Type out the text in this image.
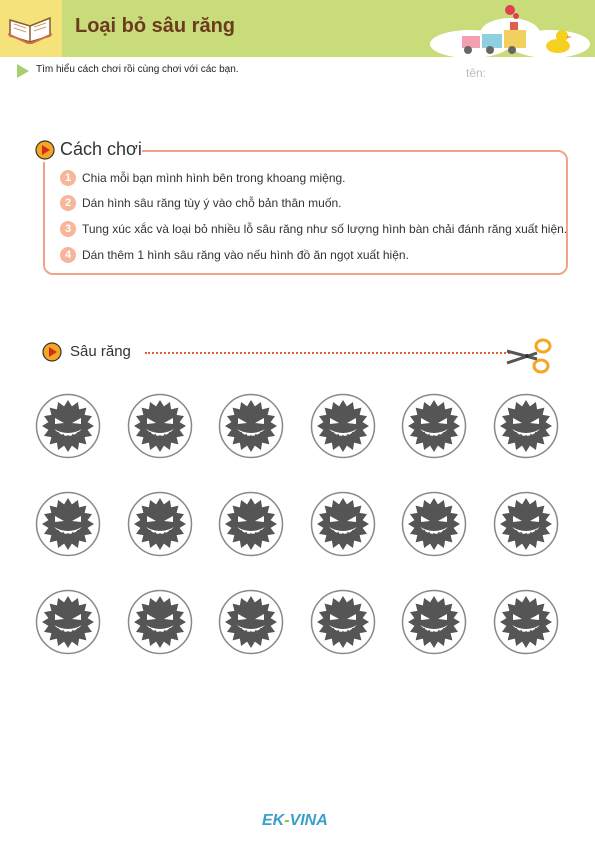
Loại bỏ sâu răng
Tìm hiểu cách chơi rồi cùng chơi với các bạn.	tên:
Cách chơi
1 Chia mỗi bạn mình hình bên trong khoang miệng.
2 Dán hình sâu răng tùy ý vào chỗ bản thân muốn.
3 Tung xúc xắc và loại bỏ nhiều lỗ sâu răng như số lượng hình bàn chải đánh răng xuất hiện.
4 Dán thêm 1 hình sâu răng vào nếu hình đồ ăn ngọt xuất hiện.
Sâu răng
EK-VINA
